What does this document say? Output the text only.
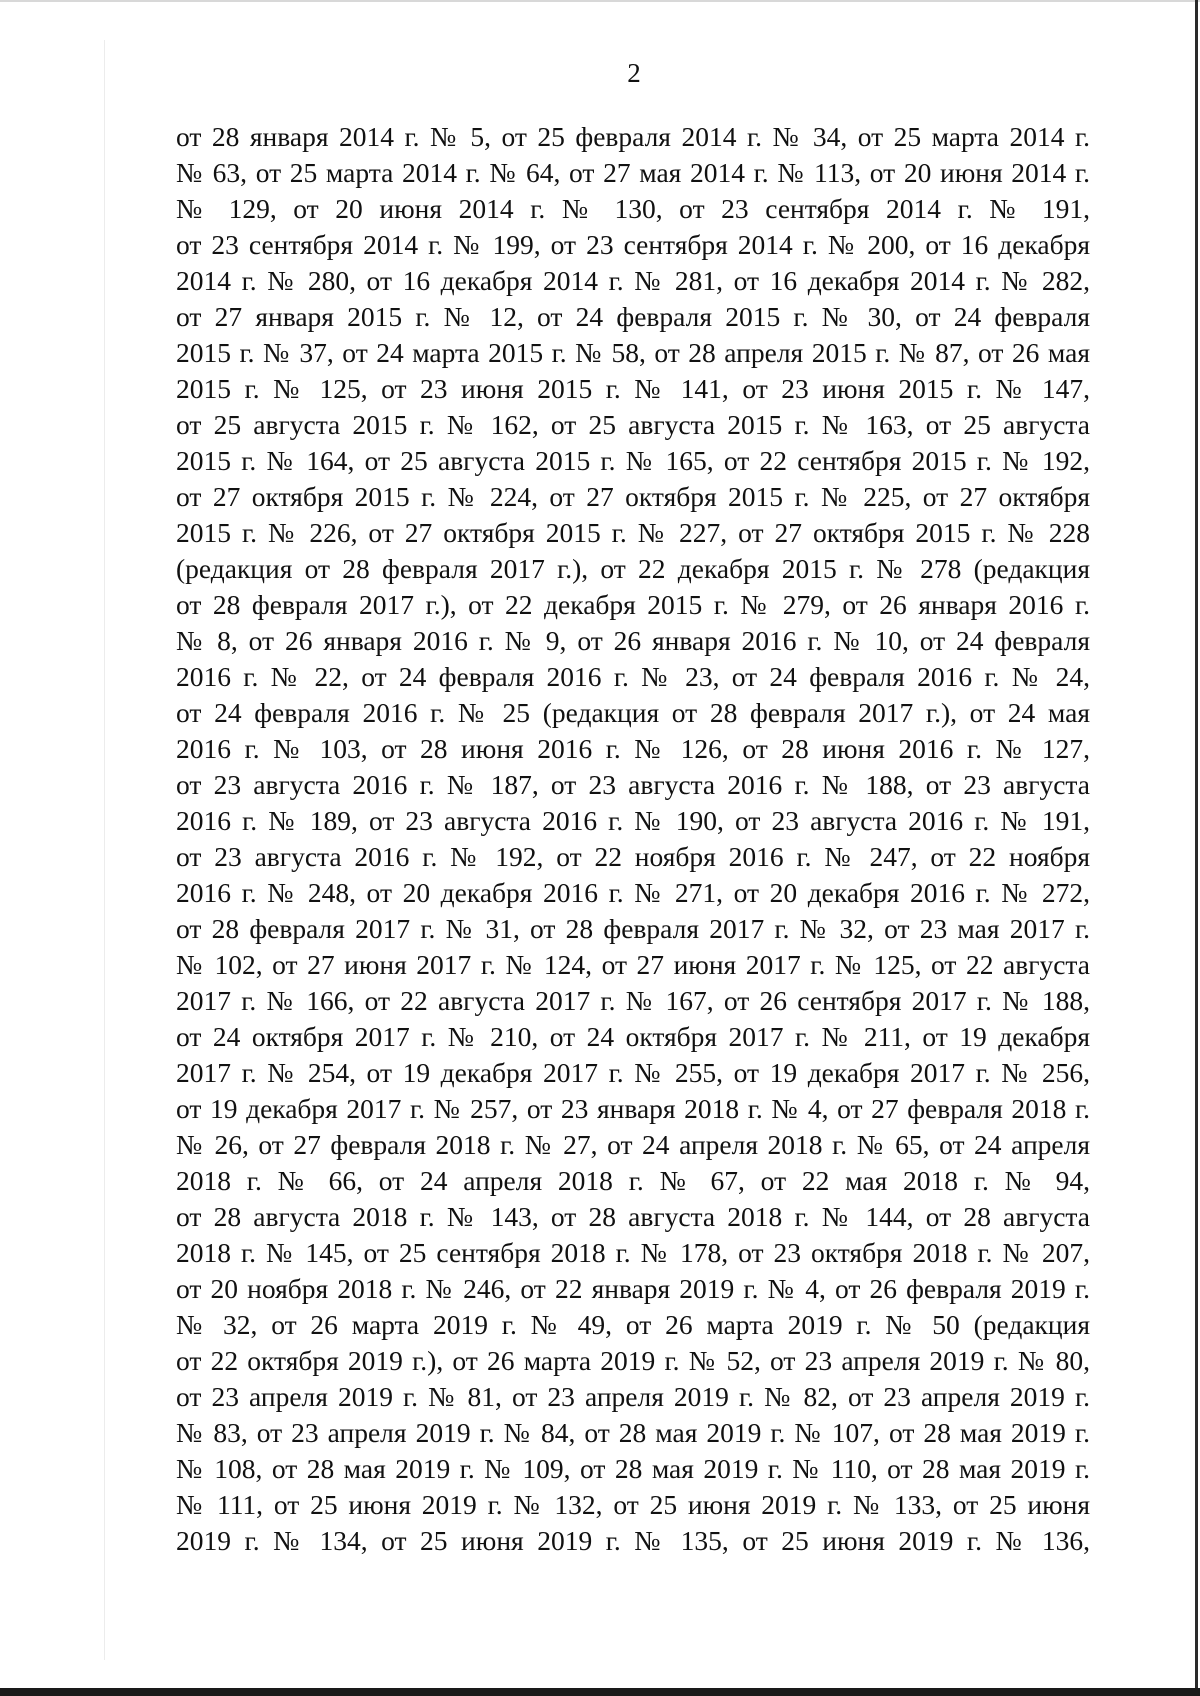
2
от 28 января 2014 г. № 5, от 25 февраля 2014 г. № 34, от 25 марта 2014 г.
№ 63, от 25 марта 2014 г. № 64, от 27 мая 2014 г. № 113, от 20 июня 2014 г.
№ 129, от 20 июня 2014 г. № 130, от 23 сентября 2014 г. № 191,
от 23 сентября 2014 г. № 199, от 23 сентября 2014 г. № 200, от 16 декабря
2014 г. № 280, от 16 декабря 2014 г. № 281, от 16 декабря 2014 г. № 282,
от 27 января 2015 г. № 12, от 24 февраля 2015 г. № 30, от 24 февраля
2015 г. № 37, от 24 марта 2015 г. № 58, от 28 апреля 2015 г. № 87, от 26 мая
2015 г. № 125, от 23 июня 2015 г. № 141, от 23 июня 2015 г. № 147,
от 25 августа 2015 г. № 162, от 25 августа 2015 г. № 163, от 25 августа
2015 г. № 164, от 25 августа 2015 г. № 165, от 22 сентября 2015 г. № 192,
от 27 октября 2015 г. № 224, от 27 октября 2015 г. № 225, от 27 октября
2015 г. № 226, от 27 октября 2015 г. № 227, от 27 октября 2015 г. № 228
(редакция от 28 февраля 2017 г.), от 22 декабря 2015 г. № 278 (редакция
от 28 февраля 2017 г.), от 22 декабря 2015 г. № 279, от 26 января 2016 г.
№ 8, от 26 января 2016 г. № 9, от 26 января 2016 г. № 10, от 24 февраля
2016 г. № 22, от 24 февраля 2016 г. № 23, от 24 февраля 2016 г. № 24,
от 24 февраля 2016 г. № 25 (редакция от 28 февраля 2017 г.), от 24 мая
2016 г. № 103, от 28 июня 2016 г. № 126, от 28 июня 2016 г. № 127,
от 23 августа 2016 г. № 187, от 23 августа 2016 г. № 188, от 23 августа
2016 г. № 189, от 23 августа 2016 г. № 190, от 23 августа 2016 г. № 191,
от 23 августа 2016 г. № 192, от 22 ноября 2016 г. № 247, от 22 ноября
2016 г. № 248, от 20 декабря 2016 г. № 271, от 20 декабря 2016 г. № 272,
от 28 февраля 2017 г. № 31, от 28 февраля 2017 г. № 32, от 23 мая 2017 г.
№ 102, от 27 июня 2017 г. № 124, от 27 июня 2017 г. № 125, от 22 августа
2017 г. № 166, от 22 августа 2017 г. № 167, от 26 сентября 2017 г. № 188,
от 24 октября 2017 г. № 210, от 24 октября 2017 г. № 211, от 19 декабря
2017 г. № 254, от 19 декабря 2017 г. № 255, от 19 декабря 2017 г. № 256,
от 19 декабря 2017 г. № 257, от 23 января 2018 г. № 4, от 27 февраля 2018 г.
№ 26, от 27 февраля 2018 г. № 27, от 24 апреля 2018 г. № 65, от 24 апреля
2018 г. № 66, от 24 апреля 2018 г. № 67, от 22 мая 2018 г. № 94,
от 28 августа 2018 г. № 143, от 28 августа 2018 г. № 144, от 28 августа
2018 г. № 145, от 25 сентября 2018 г. № 178, от 23 октября 2018 г. № 207,
от 20 ноября 2018 г. № 246, от 22 января 2019 г. № 4, от 26 февраля 2019 г.
№ 32, от 26 марта 2019 г. № 49, от 26 марта 2019 г. № 50 (редакция
от 22 октября 2019 г.), от 26 марта 2019 г. № 52, от 23 апреля 2019 г. № 80,
от 23 апреля 2019 г. № 81, от 23 апреля 2019 г. № 82, от 23 апреля 2019 г.
№ 83, от 23 апреля 2019 г. № 84, от 28 мая 2019 г. № 107, от 28 мая 2019 г.
№ 108, от 28 мая 2019 г. № 109, от 28 мая 2019 г. № 110, от 28 мая 2019 г.
№ 111, от 25 июня 2019 г. № 132, от 25 июня 2019 г. № 133, от 25 июня
2019 г. № 134, от 25 июня 2019 г. № 135, от 25 июня 2019 г. № 136,
